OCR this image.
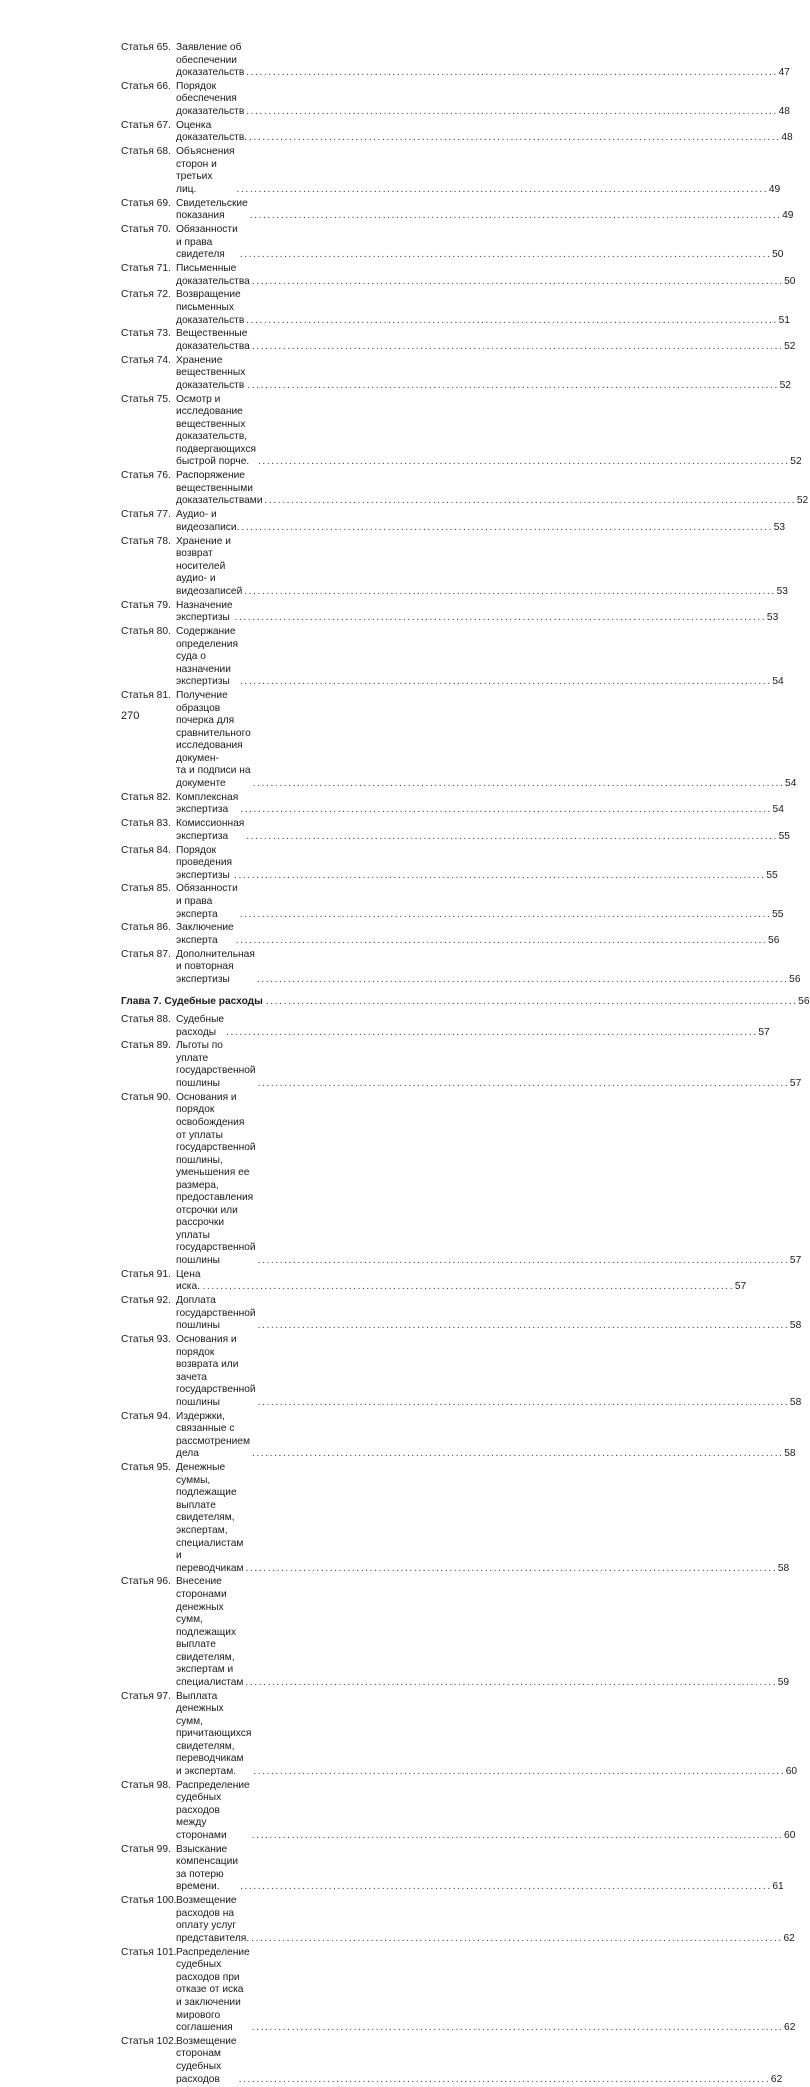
Статья 65. Заявление об обеспечении доказательств ........................................................................................................................ 47
Статья 66. Порядок обеспечения доказательств ........................................................................................................................ 48
Статья 67. Оценка доказательств. ........................................................................................................................ 48
Статья 68. Объяснения сторон и третьих лиц.	........................................................................................................................ 49
Статья 69. Свидетельские показания	........................................................................................................................ 49
Статья 70. Обязанности и права свидетеля	........................................................................................................................ 50
Статья 71. Письменные доказательства ........................................................................................................................ 50
Статья 72. Возвращение письменных доказательств ........................................................................................................................ 51
Статья 73. Вещественные доказательства ........................................................................................................................ 52
Статья 74. Хранение вещественных доказательств ........................................................................................................................ 52
Статья 75. Осмотр и исследование вещественных доказательств, подвергающихся
быстрой порче. ........................................................................................................................ 52
Статья 76. Распоряжение вещественными доказательствами ........................................................................................................................ 52
Статья 77. Аудио- и видеозаписи. ........................................................................................................................ 53
Статья 78. Хранение и возврат носителей аудио- и видеозаписей ........................................................................................................................ 53
Статья 79. Назначение экспертизы ........................................................................................................................ 53
Статья 80. Содержание определения суда о назначении экспертизы ........................................................................................................................ 54
Статья 81. Получение образцов почерка для сравнительного исследования докумен-
та и подписи на документе	........................................................................................................................ 54
Статья 82. Комплексная экспертиза	........................................................................................................................ 54
Статья 83. Комиссионная экспертиза	........................................................................................................................ 55
Статья 84. Порядок проведения экспертизы ........................................................................................................................ 55
Статья 85. Обязанности и права эксперта	........................................................................................................................ 55
Статья 86. Заключение эксперта	........................................................................................................................ 56
Статья 87. Дополнительная и повторная экспертизы	........................................................................................................................ 56
Глава 7. Судебные расходы ........................................................................................................................ 56
Статья 88. Судебные расходы ........................................................................................................................ 57
Статья 89. Льготы по уплате государственной пошлины	........................................................................................................................ 57
Статья 90. Основания и порядок освобождения от уплаты государственной пошлины,
уменьшения ее размера, предоставления отсрочки или рассрочки
уплаты государственной пошлины	........................................................................................................................ 57
Статья 91. Цена иска. ........................................................................................................................ 57
Статья 92. Доплата государственной пошлины	........................................................................................................................ 58
Статья 93. Основания и порядок возврата или зачета государственной пошлины	........................................................................................................................ 58
Статья 94. Издержки, связанные с рассмотрением дела	........................................................................................................................ 58
Статья 95. Денежные суммы, подлежащие выплате свидетелям, экспертам,
специалистам и переводчикам ........................................................................................................................ 58
Статья 96. Внесение сторонами денежных сумм, подлежащих выплате свидетелям,
экспертам и специалистам ........................................................................................................................ 59
Статья 97. Выплата денежных сумм, причитающихся свидетелям, переводчикам
и экспертам.	........................................................................................................................ 60
Статья 98. Распределение судебных расходов между сторонами	........................................................................................................................ 60
Статья 99. Взыскание компенсации за потерю времени.	........................................................................................................................ 61
Статья 100. Возмещение расходов на оплату услуг представителя. ........................................................................................................................ 62
Статья 101. Распределение судебных расходов при отказе от иска и заключении
мирового соглашения	........................................................................................................................ 62
Статья 102. Возмещение сторонам судебных расходов	........................................................................................................................ 62
270
